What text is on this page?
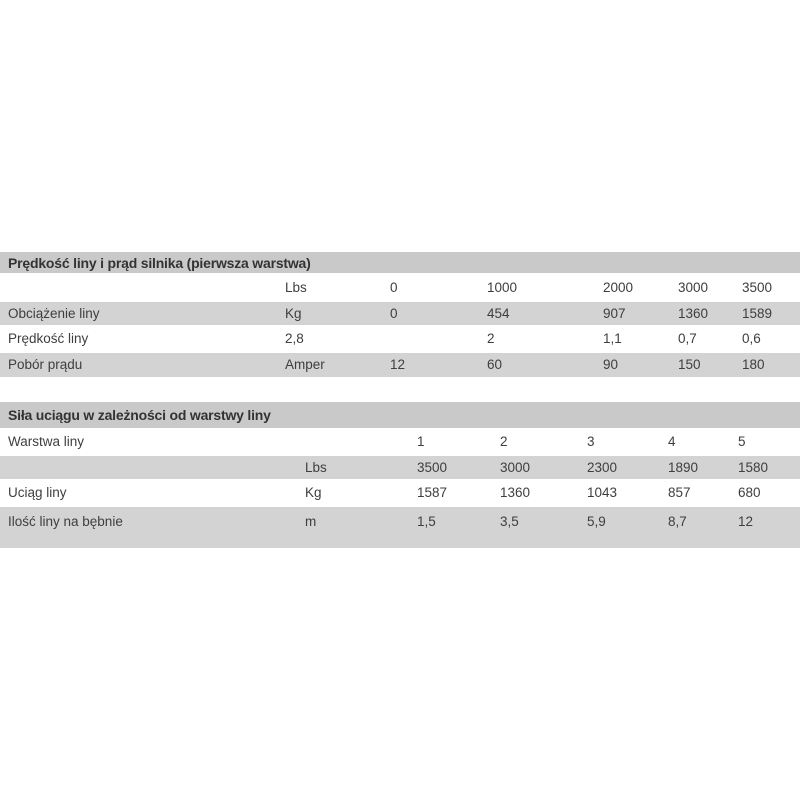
Prędkość liny i prąd silnika (pierwsza warstwa)
	Lbs	0	1000	2000	3000	3500
Obciążenie liny	Kg	0	454	907	1360	1589
Prędkość liny	2,8		2	1,1	0,7	0,6
Pobór prądu	Amper	12	60	90	150	180
Siła uciągu w zależności od warstwy liny
Warstwa liny		1	2	3	4	5
	Lbs	3500	3000	2300	1890	1580
Uciąg liny	Kg	1587	1360	1043	857	680
Ilość liny na bębnie	m	1,5	3,5	5,9	8,7	12
